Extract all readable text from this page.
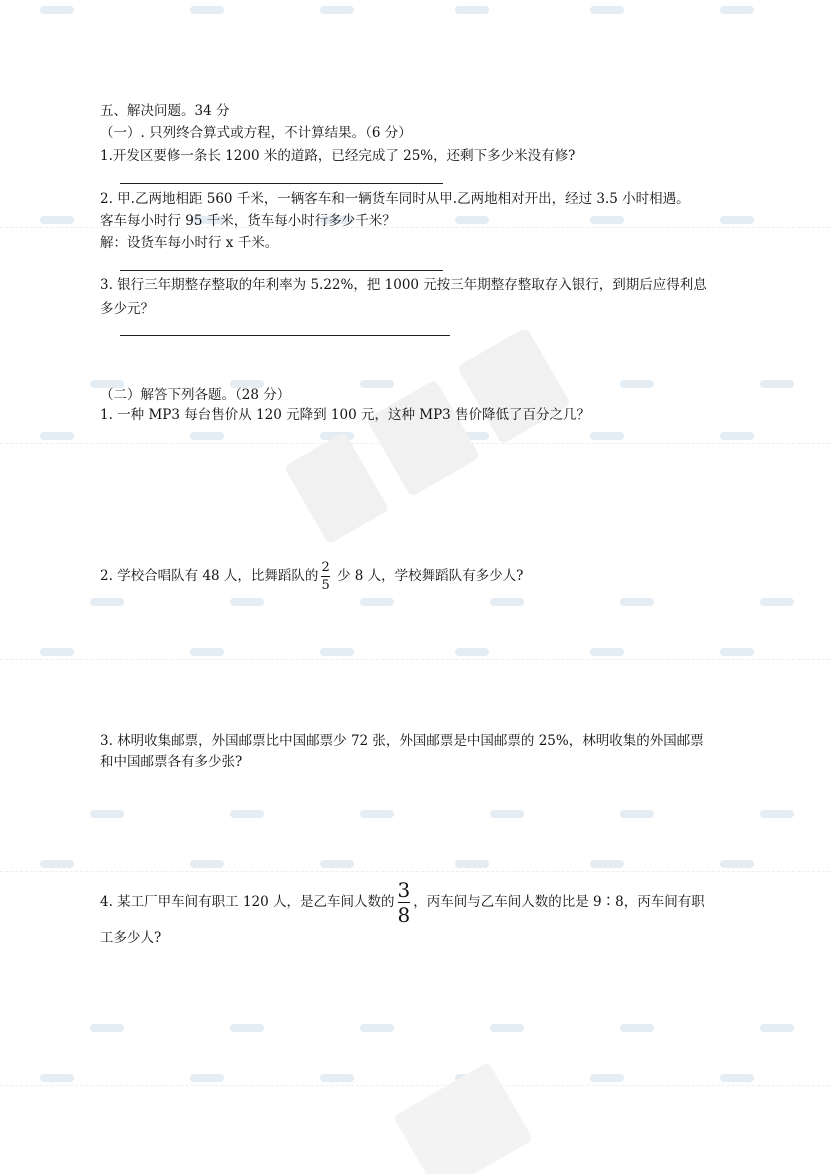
五、解决问题。34 分
（一）. 只列终合算式或方程，不计算结果。（6 分）
1.开发区要修一条长 1200 米的道路，已经完成了 25%，还剩下多少米没有修?
2. 甲.乙两地相距 560 千米，一辆客车和一辆货车同时从甲.乙两地相对开出，经过 3.5 小时相遇。
客车每小时行 95 千米，货车每小时行多少千米？
解：设货车每小时行 x 千米。
3. 银行三年期整存整取的年利率为 5.22%，把 1000 元按三年期整存整取存入银行，到期后应得利息
多少元？
（二）解答下列各题。（28 分）
1. 一种 MP3 每台售价从 120 元降到 100 元，这种 MP3 售价降低了百分之几？
2. 学校合唱队有 48 人，比舞蹈队的 $\frac{2}{5}$ 少 8 人，学校舞蹈队有多少人?
3. 林明收集邮票，外国邮票比中国邮票少 72 张，外国邮票是中国邮票的 25%，林明收集的外国邮票
和中国邮票各有多少张?
4. 某工厂甲车间有职工 120 人，是乙车间人数的 $\frac{3}{8}$ ，丙车间与乙车间人数的比是 9∶8，丙车间有职
工多少人?
